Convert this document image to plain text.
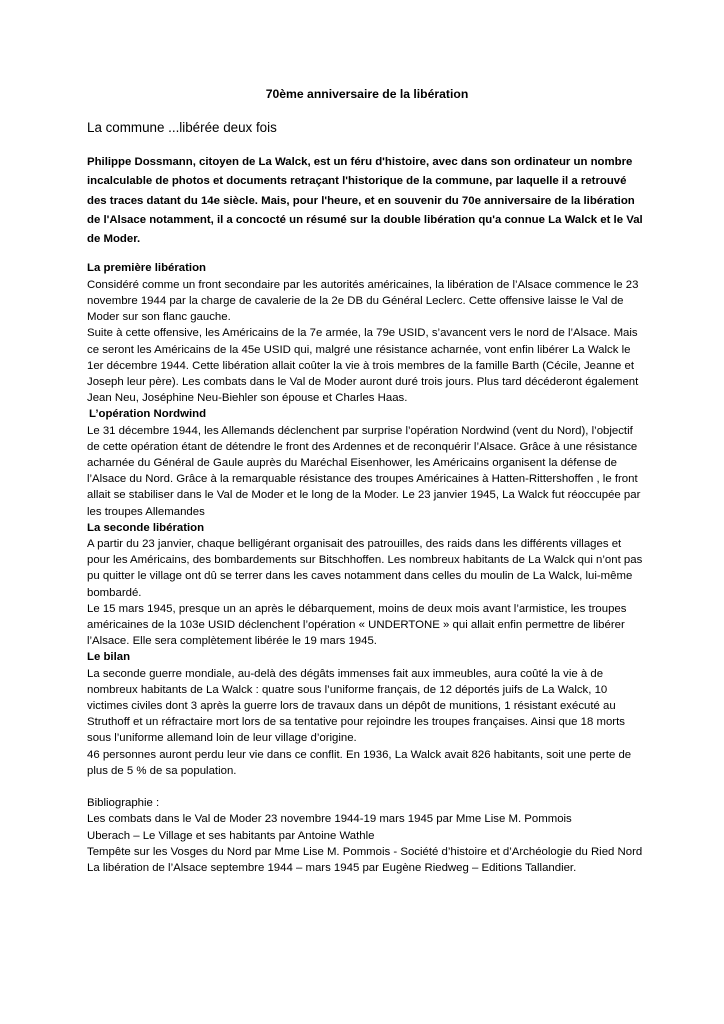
70ème anniversaire de la libération
La commune ...libérée deux fois
Philippe Dossmann, citoyen de La Walck, est un féru d'histoire, avec dans son ordinateur un nombre incalculable de photos et documents retraçant l'historique de la commune, par laquelle il a retrouvé des traces datant du 14e siècle. Mais, pour l'heure, et en souvenir du 70e anniversaire de la libération de l'Alsace notamment, il a concocté un résumé sur la double libération qu'a connue La Walck et le Val de Moder.
La première libération
Considéré comme un front secondaire par les autorités américaines, la libération de l’Alsace commence le 23 novembre 1944 par la charge de cavalerie de la 2e DB du Général Leclerc. Cette offensive laisse le Val de Moder sur son flanc gauche.
Suite à cette offensive, les Américains de la 7e armée, la 79e USID, s’avancent vers le nord de l’Alsace. Mais ce seront les Américains de la 45e USID qui, malgré une résistance acharnée, vont enfin libérer La Walck le 1er décembre 1944. Cette libération allait coûter la vie à trois membres de la famille Barth (Cécile, Jeanne et Joseph leur père). Les combats dans le Val de Moder auront duré trois jours. Plus tard décéderont également Jean Neu, Joséphine Neu-Biehler son épouse et Charles Haas.
L’opération Nordwind
Le 31 décembre 1944, les Allemands déclenchent par surprise l’opération Nordwind (vent du Nord), l’objectif de cette opération étant de détendre le front des Ardennes et de reconquérir l’Alsace. Grâce à une résistance acharnée du Général de Gaule auprès du Maréchal Eisenhower, les Américains organisent la défense de l’Alsace du Nord. Grâce à la remarquable résistance des troupes Américaines à Hatten-Rittershoffen , le front allait se stabiliser dans le Val de Moder et le long de la Moder. Le 23 janvier 1945, La Walck fut réoccupée par les troupes Allemandes
La seconde libération
A partir du 23 janvier, chaque belligérant organisait des patrouilles, des raids dans les différents villages et pour les Américains, des bombardements sur Bitschhoffen. Les nombreux habitants de La Walck qui n’ont pas pu quitter le village ont dû se terrer dans les caves notamment dans celles du moulin de La Walck, lui-même bombardé.
Le 15 mars 1945, presque un an après le débarquement, moins de deux mois avant l’armistice, les troupes américaines de la 103e USID déclenchent l’opération « UNDERTONE » qui allait enfin permettre de libérer l’Alsace. Elle sera complètement libérée le 19 mars 1945.
Le bilan
La seconde guerre mondiale, au-delà des dégâts immenses fait aux immeubles, aura coûté la vie à de nombreux habitants de La Walck : quatre sous l’uniforme français, de 12 déportés juifs de La Walck, 10 victimes civiles dont 3 après la guerre lors de travaux dans un dépôt de munitions, 1 résistant exécuté au Struthoff et un réfractaire mort lors de sa tentative pour rejoindre les troupes françaises. Ainsi que 18 morts sous l’uniforme allemand loin de leur village d’origine.
46 personnes auront perdu leur vie dans ce conflit. En 1936, La Walck avait 826 habitants, soit une perte de plus de 5 % de sa population.
Bibliographie :
Les combats dans le Val de Moder 23 novembre 1944-19 mars 1945 par Mme Lise M. Pommois
Uberach – Le Village et ses habitants par Antoine Wathle
Tempête sur les Vosges du Nord par Mme Lise M. Pommois - Société d’histoire et d’Archéologie du Ried Nord
La libération de l’Alsace septembre 1944 – mars 1945 par Eugène Riedweg – Editions Tallandier.
